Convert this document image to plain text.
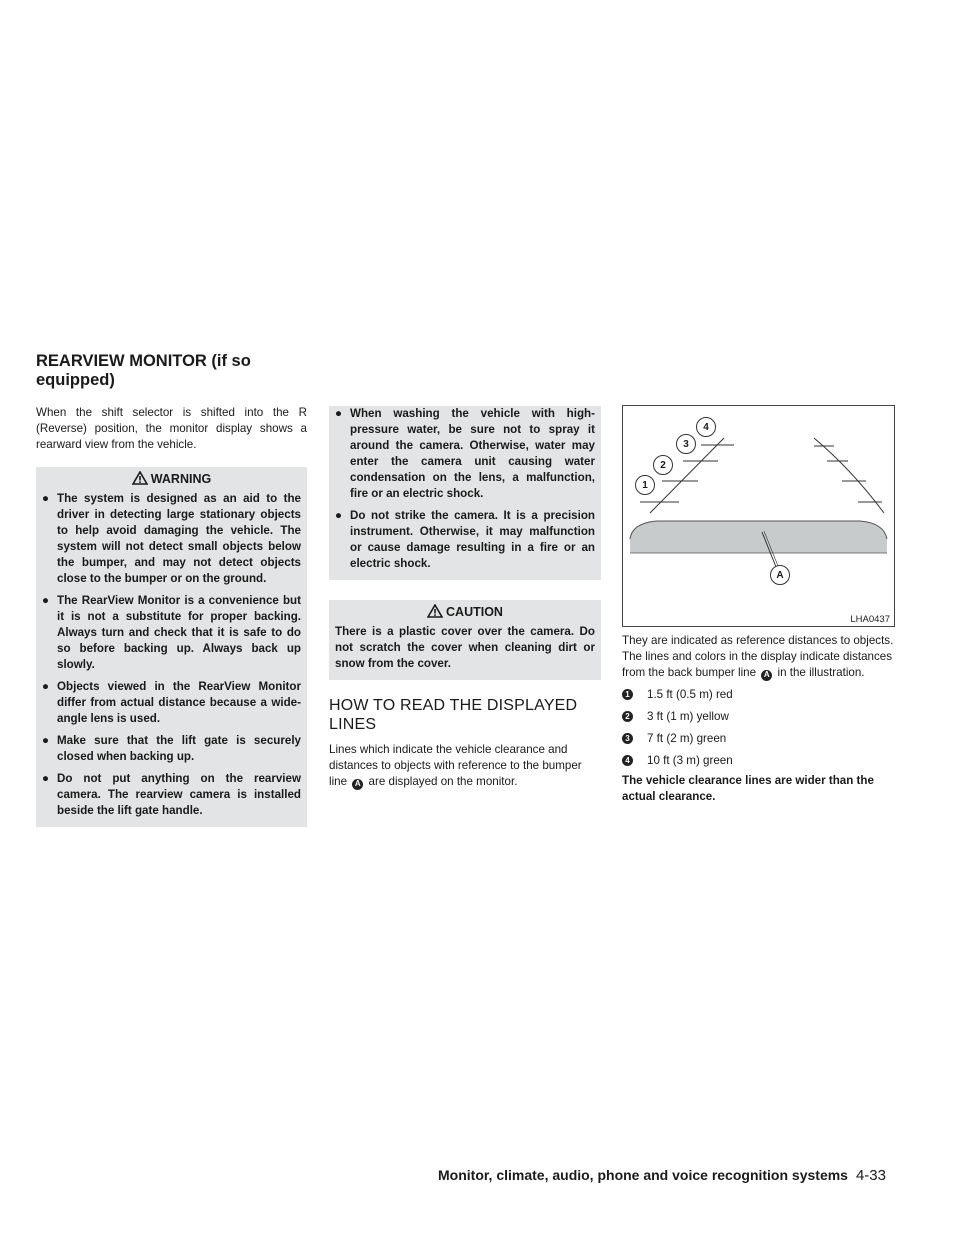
REARVIEW MONITOR (if so equipped)

When the shift selector is shifted into the R (Reverse) position, the monitor display shows a rearward view from the vehicle.

WARNING
● The system is designed as an aid to the driver in detecting large stationary objects to help avoid damaging the vehicle. The system will not detect small objects below the bumper, and may not detect objects close to the bumper or on the ground.
● The RearView Monitor is a convenience but it is not a substitute for proper backing. Always turn and check that it is safe to do so before backing up. Always back up slowly.
● Objects viewed in the RearView Monitor differ from actual distance because a wide-angle lens is used.
● Make sure that the lift gate is securely closed when backing up.
● Do not put anything on the rearview camera. The rearview camera is installed beside the lift gate handle.
● When washing the vehicle with high-pressure water, be sure not to spray it around the camera. Otherwise, water may enter the camera unit causing water condensation on the lens, a malfunction, fire or an electric shock.
● Do not strike the camera. It is a precision instrument. Otherwise, it may malfunction or cause damage resulting in a fire or an electric shock.
CAUTION

There is a plastic cover over the camera. Do not scratch the cover when cleaning dirt or snow from the cover.

HOW TO READ THE DISPLAYED LINES

Lines which indicate the vehicle clearance and distances to objects with reference to the bumper line A are displayed on the monitor.

1
2
3
4
A
LHA0437

They are indicated as reference distances to objects. The lines and colors in the display indicate distances from the back bumper line A in the illustration.

1 1.5 ft (0.5 m) red
2 3 ft (1 m) yellow
3 7 ft (2 m) green
4 10 ft (3 m) green
The vehicle clearance lines are wider than the actual clearance.
Monitor, climate, audio, phone and voice recognition systems 4-33
